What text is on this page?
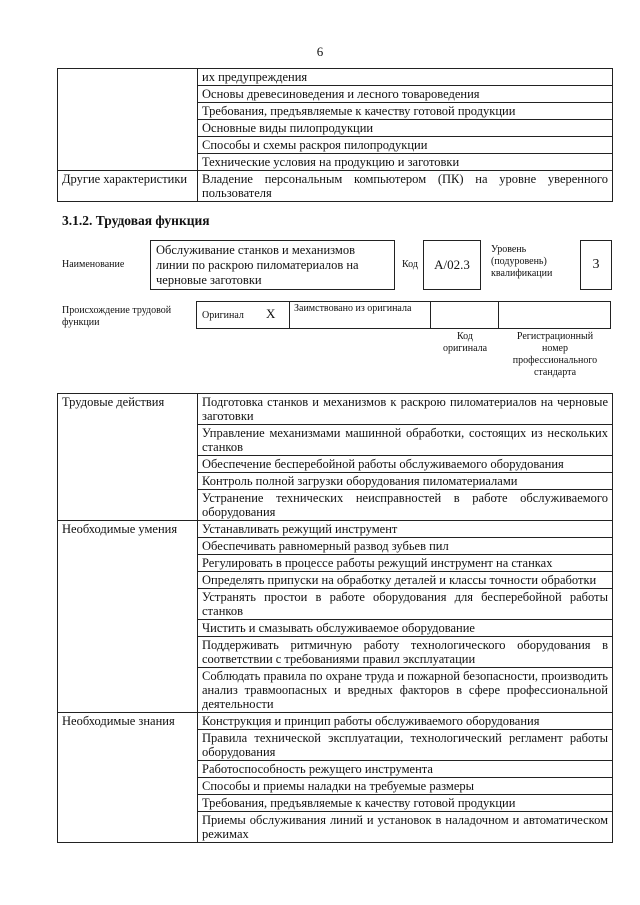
6
	их предупреждения
	Основы древесиноведения и лесного товароведения
	Требования, предъявляемые к качеству готовой продукции
	Основные виды пилопродукции
	Способы и схемы раскроя пилопродукции
	Технические условия на продукцию и заготовки
Другие характеристики	Владение персональным компьютером (ПК) на уровне уверенного пользователя
3.1.2. Трудовая функция
Наименование
Обслуживание станков и механизмов линии по раскрою пиломатериалов на черновые заготовки
Код	А/02.3
Уровень (подуровень) квалификации
3
Происхождение трудовой функции
Оригинал X Заимствовано из оригинала
Код оригинала
Регистрационный номер профессионального стандарта
Трудовые действия	Подготовка станков и механизмов к раскрою пиломатериалов на черновые заготовки
	Управление механизмами машинной обработки, состоящих из нескольких станков
	Обеспечение бесперебойной работы обслуживаемого оборудования
	Контроль полной загрузки оборудования пиломатериалами
	Устранение технических неисправностей в работе обслуживаемого оборудования
Необходимые умения	Устанавливать режущий инструмент
	Обеспечивать равномерный развод зубьев пил
	Регулировать в процессе работы режущий инструмент на станках
	Определять припуски на обработку деталей и классы точности обработки
	Устранять простои в работе оборудования для бесперебойной работы станков
	Чистить и смазывать обслуживаемое оборудование
	Поддерживать ритмичную работу технологического оборудования в соответствии с требованиями правил эксплуатации
	Соблюдать правила по охране труда и пожарной безопасности, производить анализ травмоопасных и вредных факторов в сфере профессиональной деятельности
Необходимые знания	Конструкция и принцип работы обслуживаемого оборудования
	Правила технической эксплуатации, технологический регламент работы оборудования
	Работоспособность режущего инструмента
	Способы и приемы наладки на требуемые размеры
	Требования, предъявляемые к качеству готовой продукции
	Приемы обслуживания линий и установок в наладочном и автоматическом режимах
